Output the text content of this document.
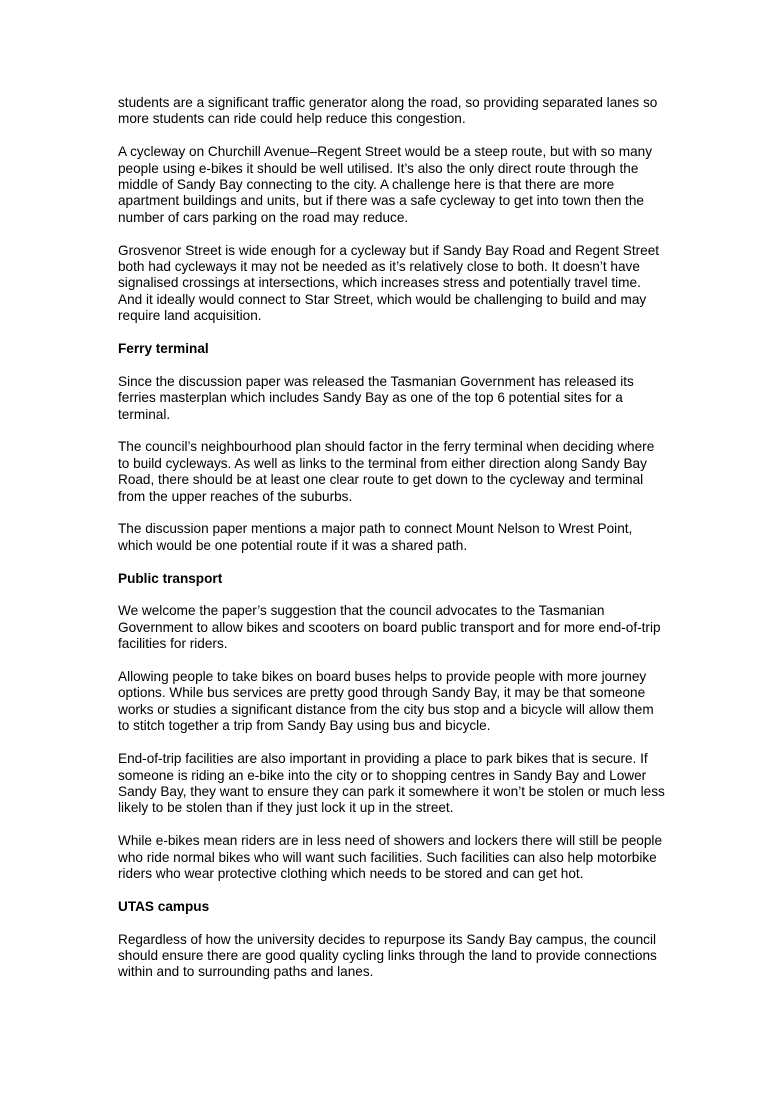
students are a significant traffic generator along the road, so providing separated lanes so more students can ride could help reduce this congestion.

A cycleway on Churchill Avenue–Regent Street would be a steep route, but with so many people using e-bikes it should be well utilised. It’s also the only direct route through the middle of Sandy Bay connecting to the city. A challenge here is that there are more apartment buildings and units, but if there was a safe cycleway to get into town then the number of cars parking on the road may reduce.

Grosvenor Street is wide enough for a cycleway but if Sandy Bay Road and Regent Street both had cycleways it may not be needed as it’s relatively close to both. It doesn’t have signalised crossings at intersections, which increases stress and potentially travel time. And it ideally would connect to Star Street, which would be challenging to build and may require land acquisition.

Ferry terminal

Since the discussion paper was released the Tasmanian Government has released its ferries masterplan which includes Sandy Bay as one of the top 6 potential sites for a terminal.

The council’s neighbourhood plan should factor in the ferry terminal when deciding where to build cycleways. As well as links to the terminal from either direction along Sandy Bay Road, there should be at least one clear route to get down to the cycleway and terminal from the upper reaches of the suburbs.

The discussion paper mentions a major path to connect Mount Nelson to Wrest Point, which would be one potential route if it was a shared path.

Public transport

We welcome the paper’s suggestion that the council advocates to the Tasmanian Government to allow bikes and scooters on board public transport and for more end-of-trip facilities for riders.

Allowing people to take bikes on board buses helps to provide people with more journey options. While bus services are pretty good through Sandy Bay, it may be that someone works or studies a significant distance from the city bus stop and a bicycle will allow them to stitch together a trip from Sandy Bay using bus and bicycle.

End-of-trip facilities are also important in providing a place to park bikes that is secure. If someone is riding an e-bike into the city or to shopping centres in Sandy Bay and Lower Sandy Bay, they want to ensure they can park it somewhere it won’t be stolen or much less likely to be stolen than if they just lock it up in the street.

While e-bikes mean riders are in less need of showers and lockers there will still be people who ride normal bikes who will want such facilities. Such facilities can also help motorbike riders who wear protective clothing which needs to be stored and can get hot.

UTAS campus

Regardless of how the university decides to repurpose its Sandy Bay campus, the council should ensure there are good quality cycling links through the land to provide connections within and to surrounding paths and lanes.
